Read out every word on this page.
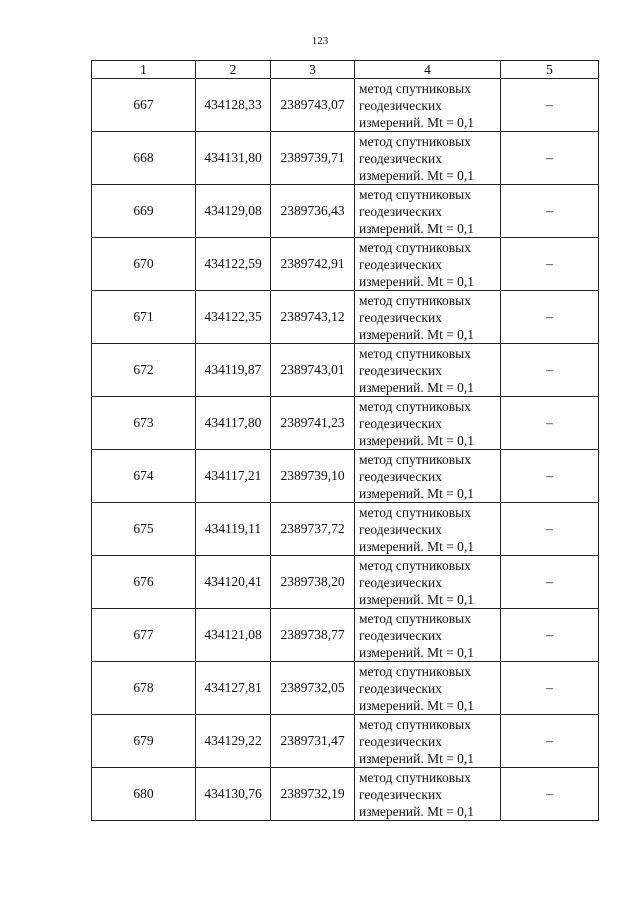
123
1	2	3	4	5
667	434128,33	2389743,07	метод спутниковых
геодезических
измерений. Mt = 0,1	–
668	434131,80	2389739,71	метод спутниковых
геодезических
измерений. Mt = 0,1	–
669	434129,08	2389736,43	метод спутниковых
геодезических
измерений. Mt = 0,1	–
670	434122,59	2389742,91	метод спутниковых
геодезических
измерений. Mt = 0,1	–
671	434122,35	2389743,12	метод спутниковых
геодезических
измерений. Mt = 0,1	–
672	434119,87	2389743,01	метод спутниковых
геодезических
измерений. Mt = 0,1	–
673	434117,80	2389741,23	метод спутниковых
геодезических
измерений. Mt = 0,1	–
674	434117,21	2389739,10	метод спутниковых
геодезических
измерений. Mt = 0,1	–
675	434119,11	2389737,72	метод спутниковых
геодезических
измерений. Mt = 0,1	–
676	434120,41	2389738,20	метод спутниковых
геодезических
измерений. Mt = 0,1	–
677	434121,08	2389738,77	метод спутниковых
геодезических
измерений. Mt = 0,1	–
678	434127,81	2389732,05	метод спутниковых
геодезических
измерений. Mt = 0,1	–
679	434129,22	2389731,47	метод спутниковых
геодезических
измерений. Mt = 0,1	–
680	434130,76	2389732,19	метод спутниковых
геодезических
измерений. Mt = 0,1	–
